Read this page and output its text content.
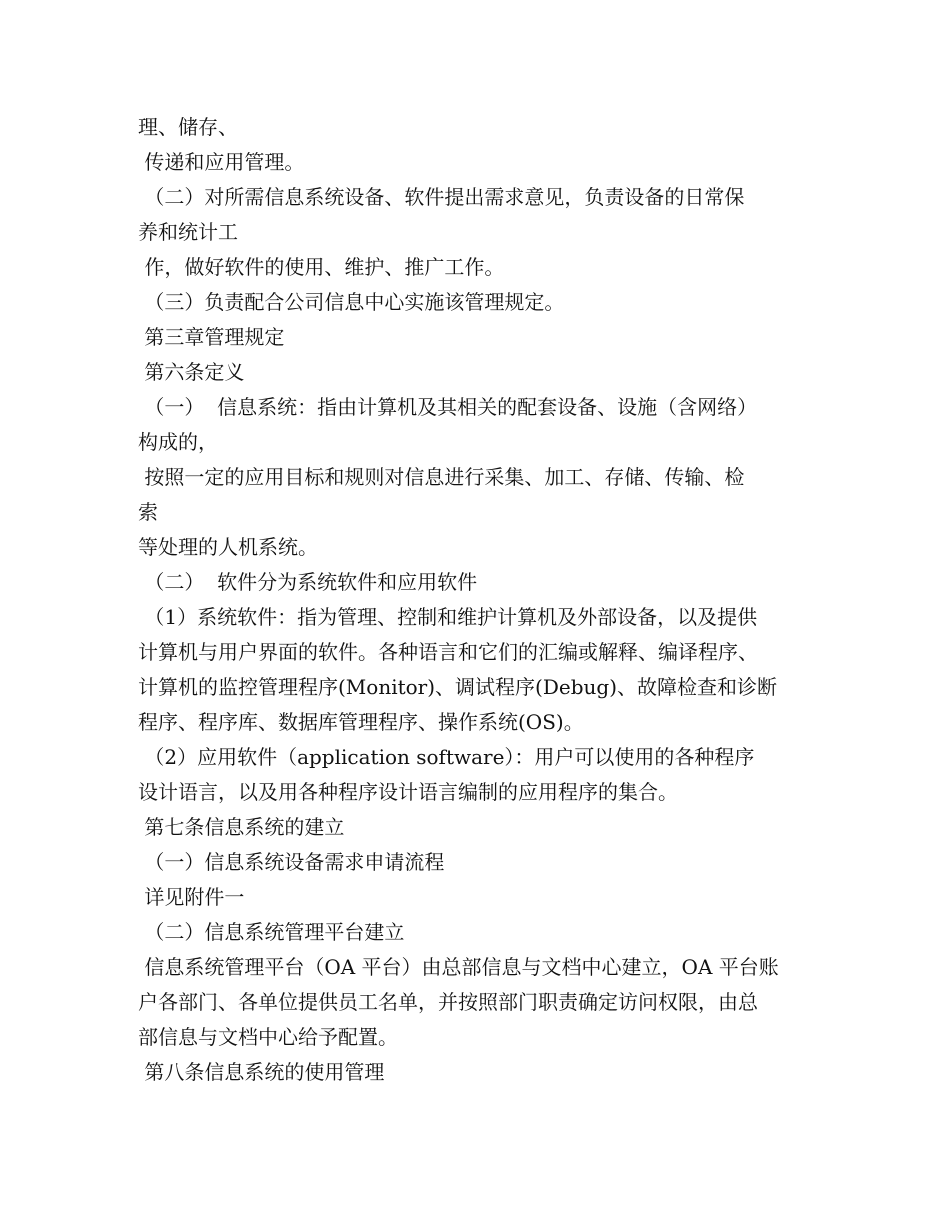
理、储存、
传递和应用管理。
（二）对所需信息系统设备、软件提出需求意见，负责设备的日常保
养和统计工
作，做好软件的使用、维护、推广工作。
（三）负责配合公司信息中心实施该管理规定。
第三章管理规定
第六条定义
（一）  信息系统：指由计算机及其相关的配套设备、设施（含网络）
构成的，
按照一定的应用目标和规则对信息进行采集、加工、存储、传输、检
索
等处理的人机系统。
（二）  软件分为系统软件和应用软件
（1）系统软件：指为管理、控制和维护计算机及外部设备，以及提供
计算机与用户界面的软件。各种语言和它们的汇编或解释、编译程序、
计算机的监控管理程序(Monitor)、调试程序(Debug)、故障检查和诊断
程序、程序库、数据库管理程序、操作系统(OS)。
（2）应用软件（application software）：用户可以使用的各种程序
设计语言，以及用各种程序设计语言编制的应用程序的集合。
第七条信息系统的建立
（一）信息系统设备需求申请流程
详见附件一
（二）信息系统管理平台建立
信息系统管理平台（OA 平台）由总部信息与文档中心建立，OA 平台账
户各部门、各单位提供员工名单，并按照部门职责确定访问权限，由总
部信息与文档中心给予配置。
第八条信息系统的使用管理
